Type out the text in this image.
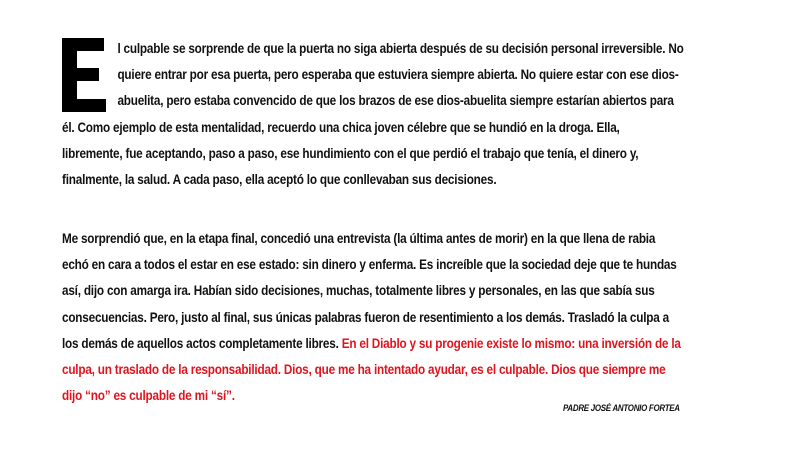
l culpable se sorprende de que la puerta no siga abierta después de su decisión personal irreversible. No
quiere entrar por esa puerta, pero esperaba que estuviera siempre abierta. No quiere estar con ese dios-
abuelita, pero estaba convencido de que los brazos de ese dios-abuelita siempre estarían abiertos para
él. Como ejemplo de esta mentalidad, recuerdo una chica joven célebre que se hundió en la droga. Ella,
libremente, fue aceptando, paso a paso, ese hundimiento con el que perdió el trabajo que tenía, el dinero y,
finalmente, la salud. A cada paso, ella aceptó lo que conllevaban sus decisiones.
Me sorprendió que, en la etapa final, concedió una entrevista (la última antes de morir) en la que llena de rabia
echó en cara a todos el estar en ese estado: sin dinero y enferma. Es increíble que la sociedad deje que te hundas
así, dijo con amarga ira. Habían sido decisiones, muchas, totalmente libres y personales, en las que sabía sus
consecuencias. Pero, justo al final, sus únicas palabras fueron de resentimiento a los demás. Trasladó la culpa a
los demás de aquellos actos completamente libres. En el Diablo y su progenie existe lo mismo: una inversión de la
culpa, un traslado de la responsabilidad. Dios, que me ha intentado ayudar, es el culpable. Dios que siempre me
dijo “no” es culpable de mi “sí”.
PADRE JOSÉ ANTONIO FORTEA
